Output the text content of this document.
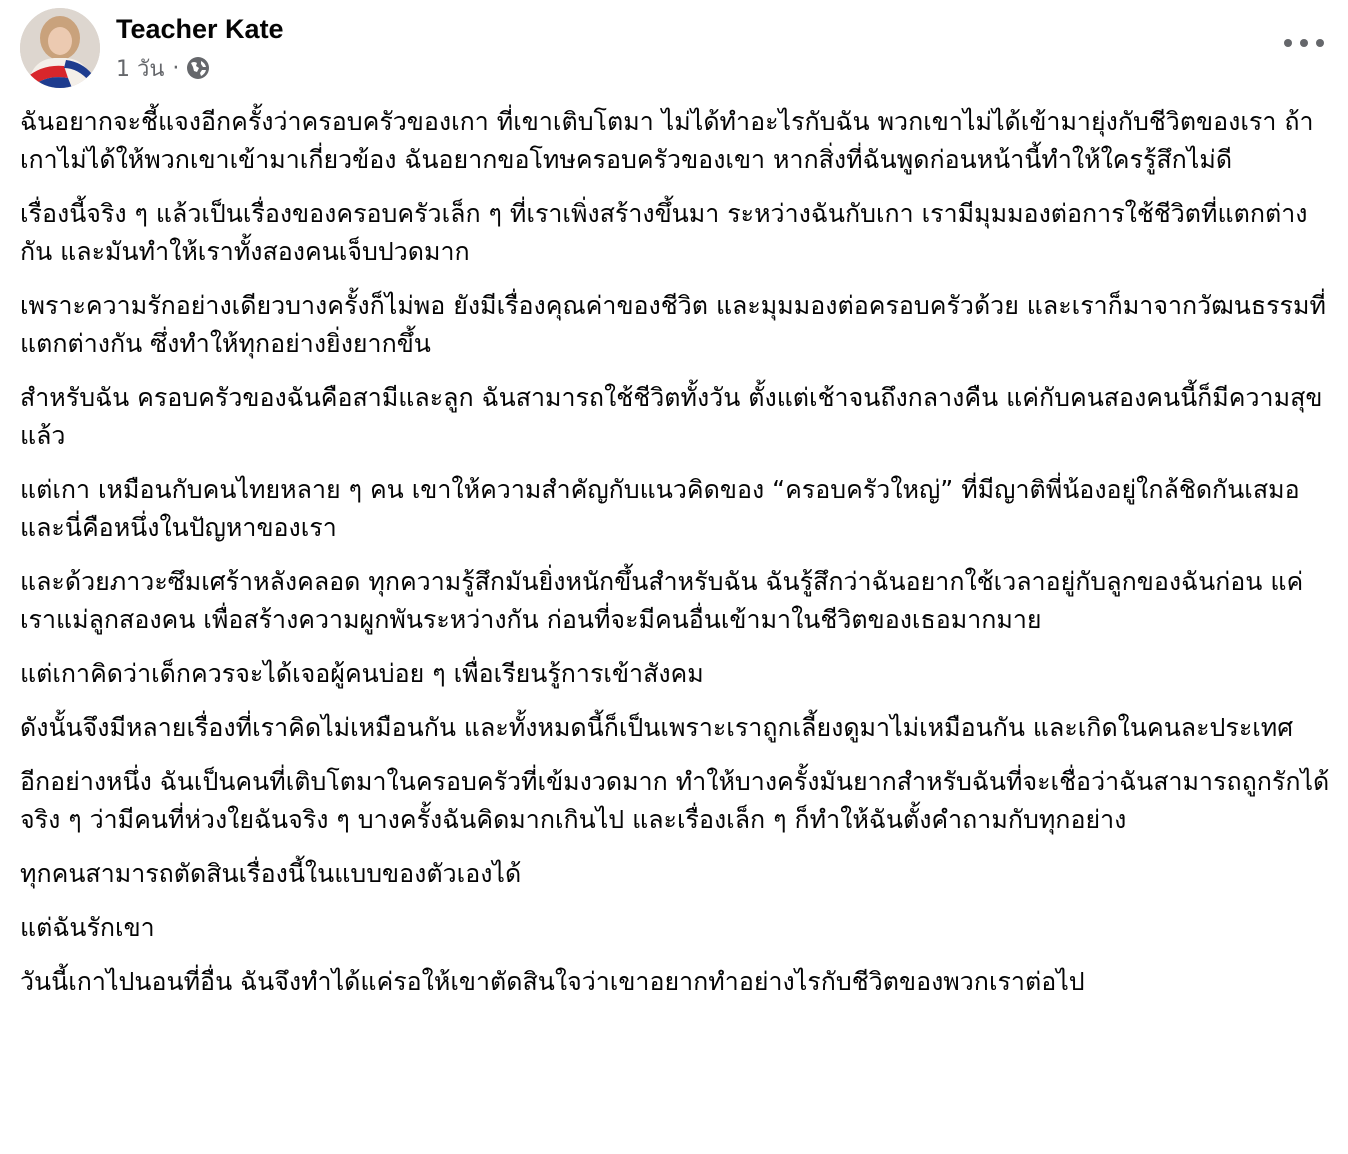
Teacher Kate
1 วัน ·

ฉันอยากจะชี้แจงอีกครั้งว่าครอบครัวของเกา ที่เขาเติบโตมา ไม่ได้ทำอะไรกับฉัน พวกเขาไม่ได้เข้ามายุ่งกับชีวิตของเรา ถ้าเกาไม่ได้ให้พวกเขาเข้ามาเกี่ยวข้อง ฉันอยากขอโทษครอบครัวของเขา หากสิ่งที่ฉันพูดก่อนหน้านี้ทำให้ใครรู้สึกไม่ดี

เรื่องนี้จริง ๆ แล้วเป็นเรื่องของครอบครัวเล็ก ๆ ที่เราเพิ่งสร้างขึ้นมา ระหว่างฉันกับเกา เรามีมุมมองต่อการใช้ชีวิตที่แตกต่างกัน และมันทำให้เราทั้งสองคนเจ็บปวดมาก

เพราะความรักอย่างเดียวบางครั้งก็ไม่พอ ยังมีเรื่องคุณค่าของชีวิต และมุมมองต่อครอบครัวด้วย และเราก็มาจากวัฒนธรรมที่แตกต่างกัน ซึ่งทำให้ทุกอย่างยิ่งยากขึ้น

สำหรับฉัน ครอบครัวของฉันคือสามีและลูก ฉันสามารถใช้ชีวิตทั้งวัน ตั้งแต่เช้าจนถึงกลางคืน แค่กับคนสองคนนี้ก็มีความสุขแล้ว

แต่เกา เหมือนกับคนไทยหลาย ๆ คน เขาให้ความสำคัญกับแนวคิดของ “ครอบครัวใหญ่” ที่มีญาติพี่น้องอยู่ใกล้ชิดกันเสมอ และนี่คือหนึ่งในปัญหาของเรา

และด้วยภาวะซึมเศร้าหลังคลอด ทุกความรู้สึกมันยิ่งหนักขึ้นสำหรับฉัน ฉันรู้สึกว่าฉันอยากใช้เวลาอยู่กับลูกของฉันก่อน แค่เราแม่ลูกสองคน เพื่อสร้างความผูกพันระหว่างกัน ก่อนที่จะมีคนอื่นเข้ามาในชีวิตของเธอมากมาย

แต่เกาคิดว่าเด็กควรจะได้เจอผู้คนบ่อย ๆ เพื่อเรียนรู้การเข้าสังคม

ดังนั้นจึงมีหลายเรื่องที่เราคิดไม่เหมือนกัน และทั้งหมดนี้ก็เป็นเพราะเราถูกเลี้ยงดูมาไม่เหมือนกัน และเกิดในคนละประเทศ

อีกอย่างหนึ่ง ฉันเป็นคนที่เติบโตมาในครอบครัวที่เข้มงวดมาก ทำให้บางครั้งมันยากสำหรับฉันที่จะเชื่อว่าฉันสามารถถูกรักได้จริง ๆ ว่ามีคนที่ห่วงใยฉันจริง ๆ บางครั้งฉันคิดมากเกินไป และเรื่องเล็ก ๆ ก็ทำให้ฉันตั้งคำถามกับทุกอย่าง

ทุกคนสามารถตัดสินเรื่องนี้ในแบบของตัวเองได้

แต่ฉันรักเขา

วันนี้เกาไปนอนที่อื่น ฉันจึงทำได้แค่รอให้เขาตัดสินใจว่าเขาอยากทำอย่างไรกับชีวิตของพวกเราต่อไป
